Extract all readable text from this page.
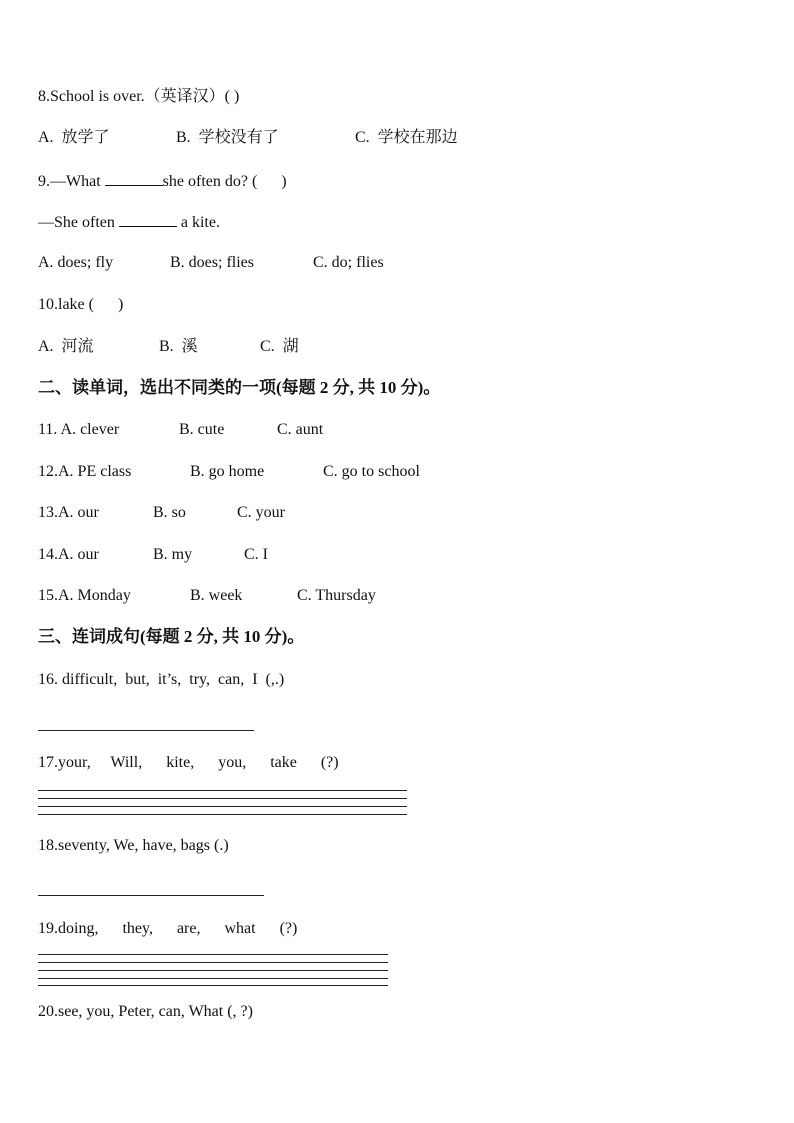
8.School is over.（英译汉）( )
A.  放学了	B.  学校没有了	C.  学校在那边
9.—What	she often do? (      )
—She often	a kite.
A. does; fly	B. does; flies	C. do; flies
10.lake (      )
A.  河流	B.  溪	C.  湖
二、读单词，选出不同类的一项(每题 2 分, 共 10 分)。
11. A. clever	B. cute	C. aunt
12.A. PE class	B. go home	C. go to school
13.A. our	B. so	C. your
14.A. our	B. my	C. I
15.A. Monday	B. week	C. Thursday
三、连词成句(每题 2 分, 共 10 分)。
16. difficult,  but,  it’s,  try,  can,  I  (,.)
17.your,     Will,      kite,      you,      take      (?)
18.seventy, We, have, bags (.)
19.doing,      they,      are,      what      (?)
20.see, you, Peter, can, What (, ?)
